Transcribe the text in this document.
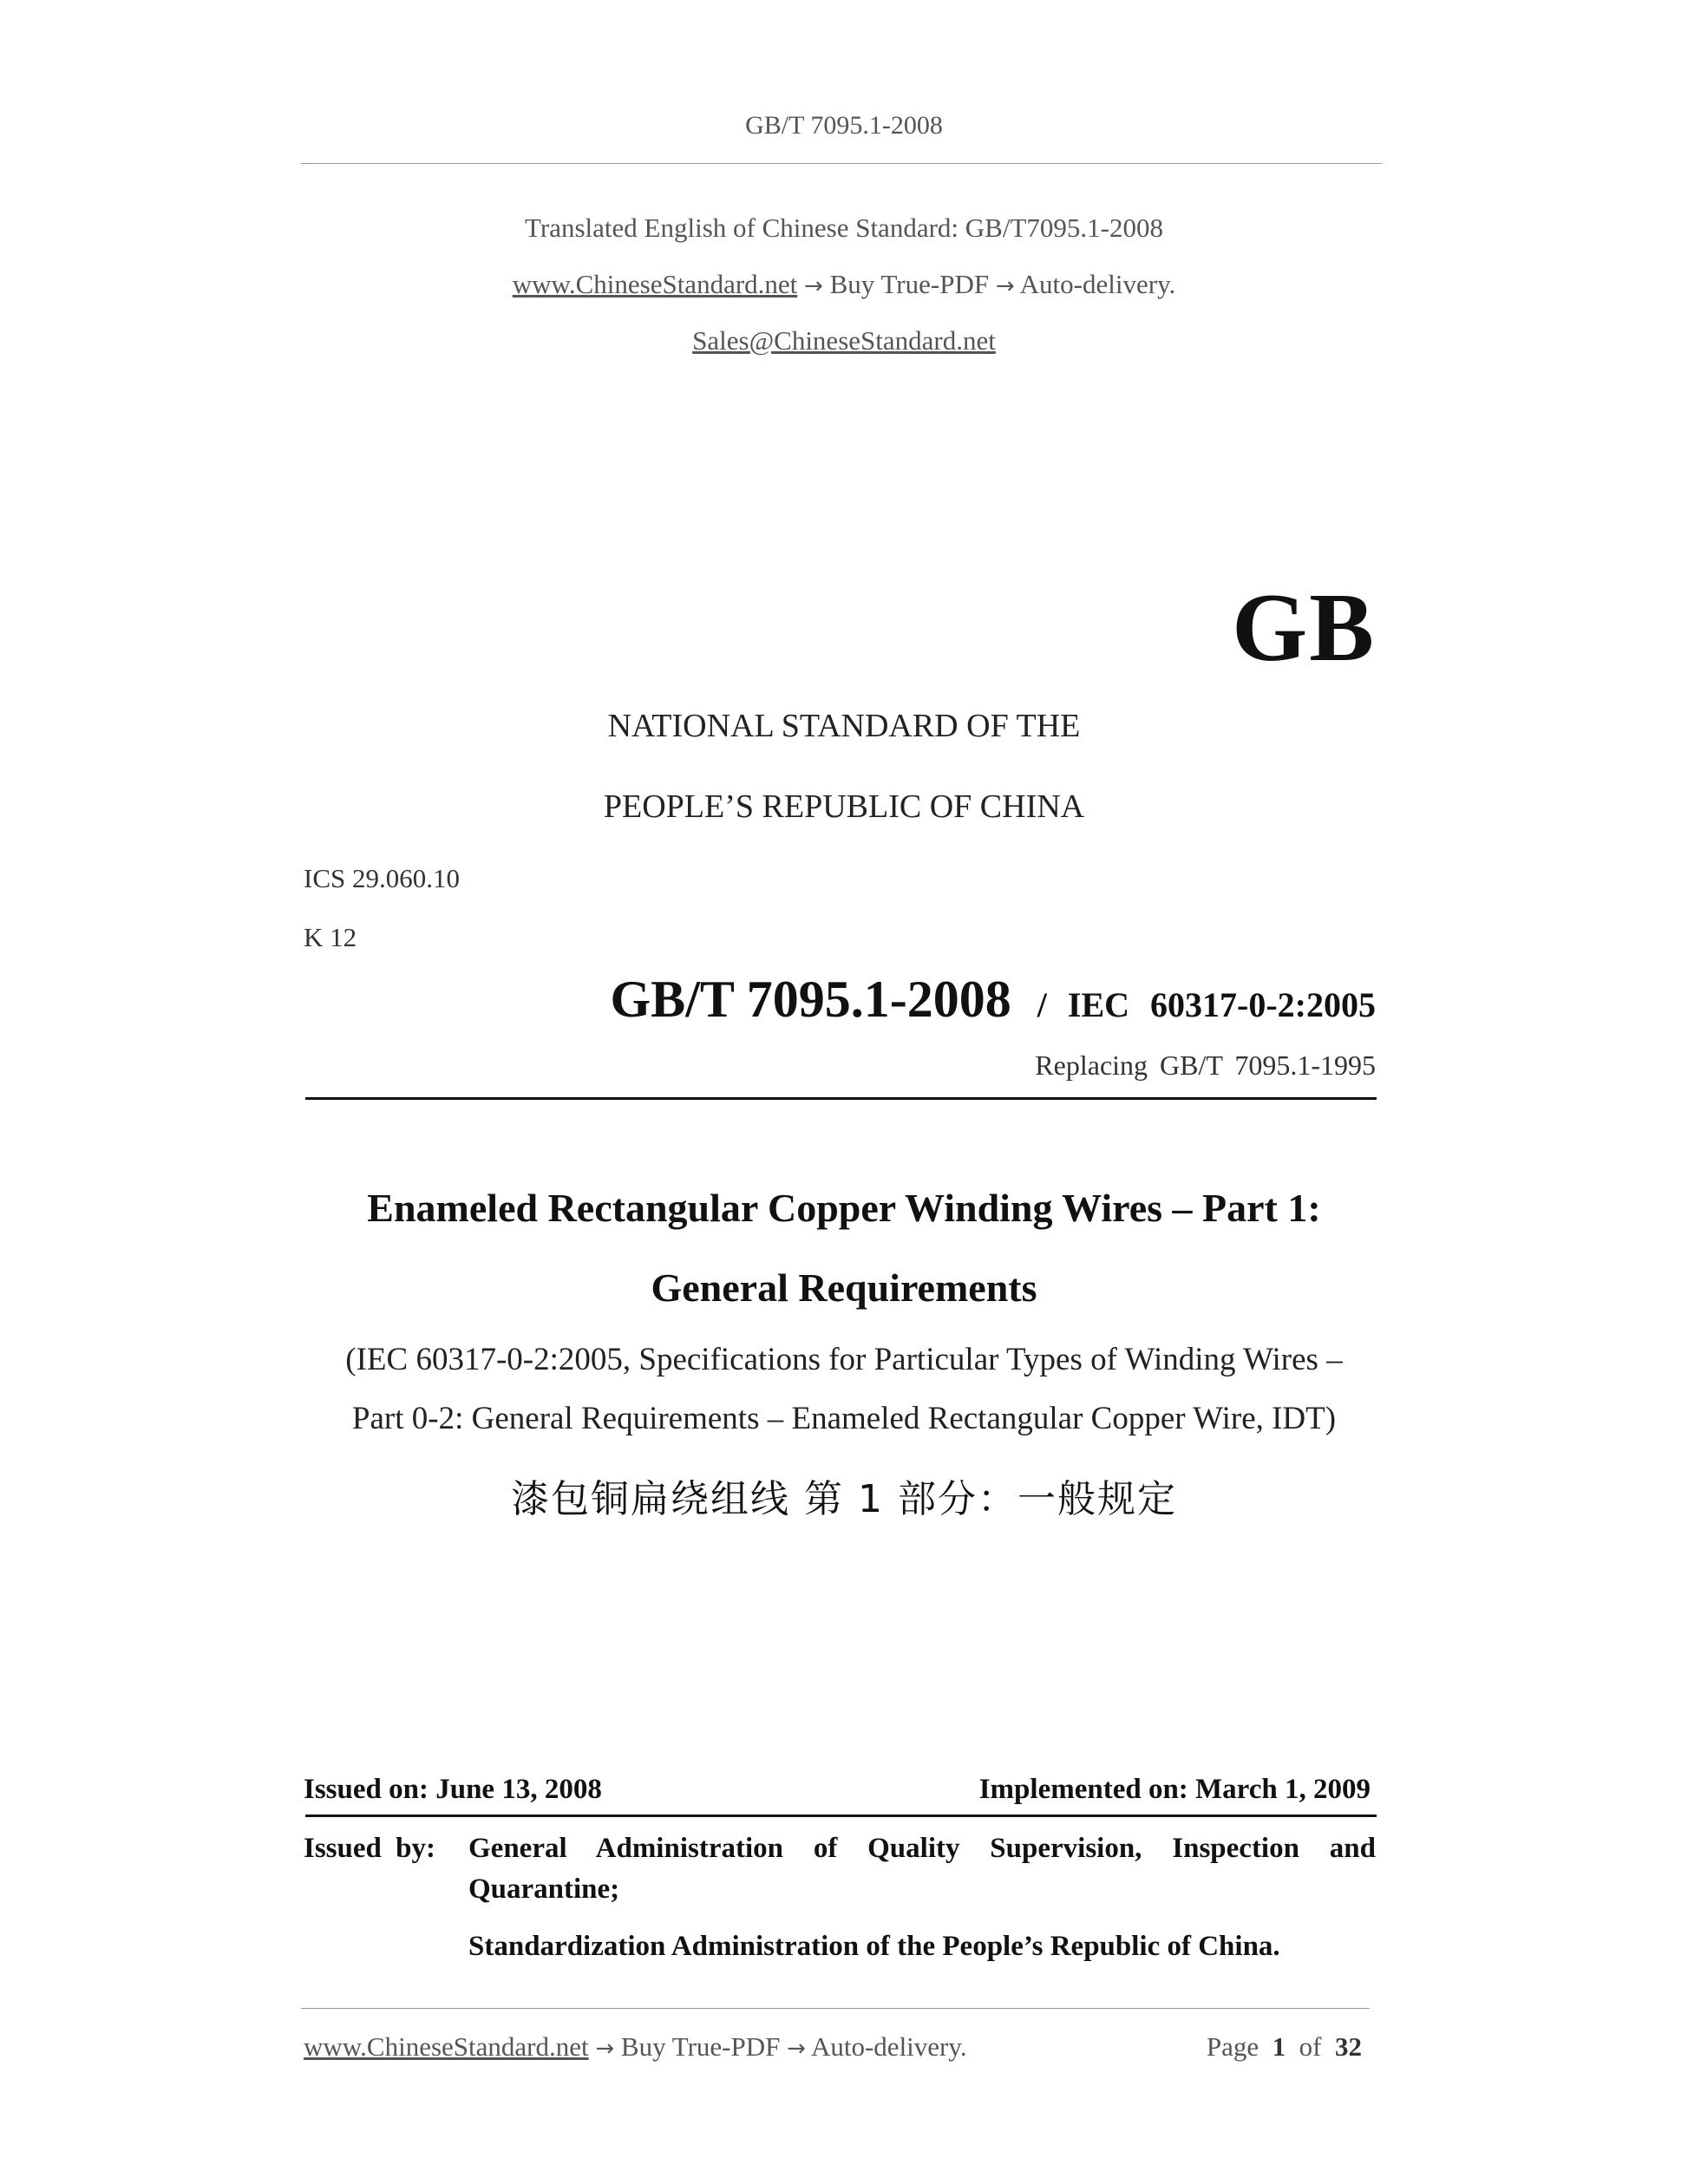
GB/T 7095.1-2008
Translated English of Chinese Standard: GB/T7095.1-2008
www.ChineseStandard.net → Buy True-PDF → Auto-delivery.
Sales@ChineseStandard.net
GB
NATIONAL STANDARD OF THE
PEOPLE’S REPUBLIC OF CHINA
ICS 29.060.10
K 12
GB/T 7095.1-2008 / IEC 60317-0-2:2005
Replacing GB/T 7095.1-1995
Enameled Rectangular Copper Winding Wires – Part 1:
General Requirements
(IEC 60317-0-2:2005, Specifications for Particular Types of Winding Wires –
Part 0-2: General Requirements – Enameled Rectangular Copper Wire, IDT)
漆包铜扁绕组线 第 1 部分：一般规定
Issued on: June 13, 2008	Implemented on: March 1, 2009
Issued by: General Administration of Quality Supervision, Inspection and
Quarantine;
Standardization Administration of the People’s Republic of China.
www.ChineseStandard.net → Buy True-PDF → Auto-delivery.	Page 1 of 32
